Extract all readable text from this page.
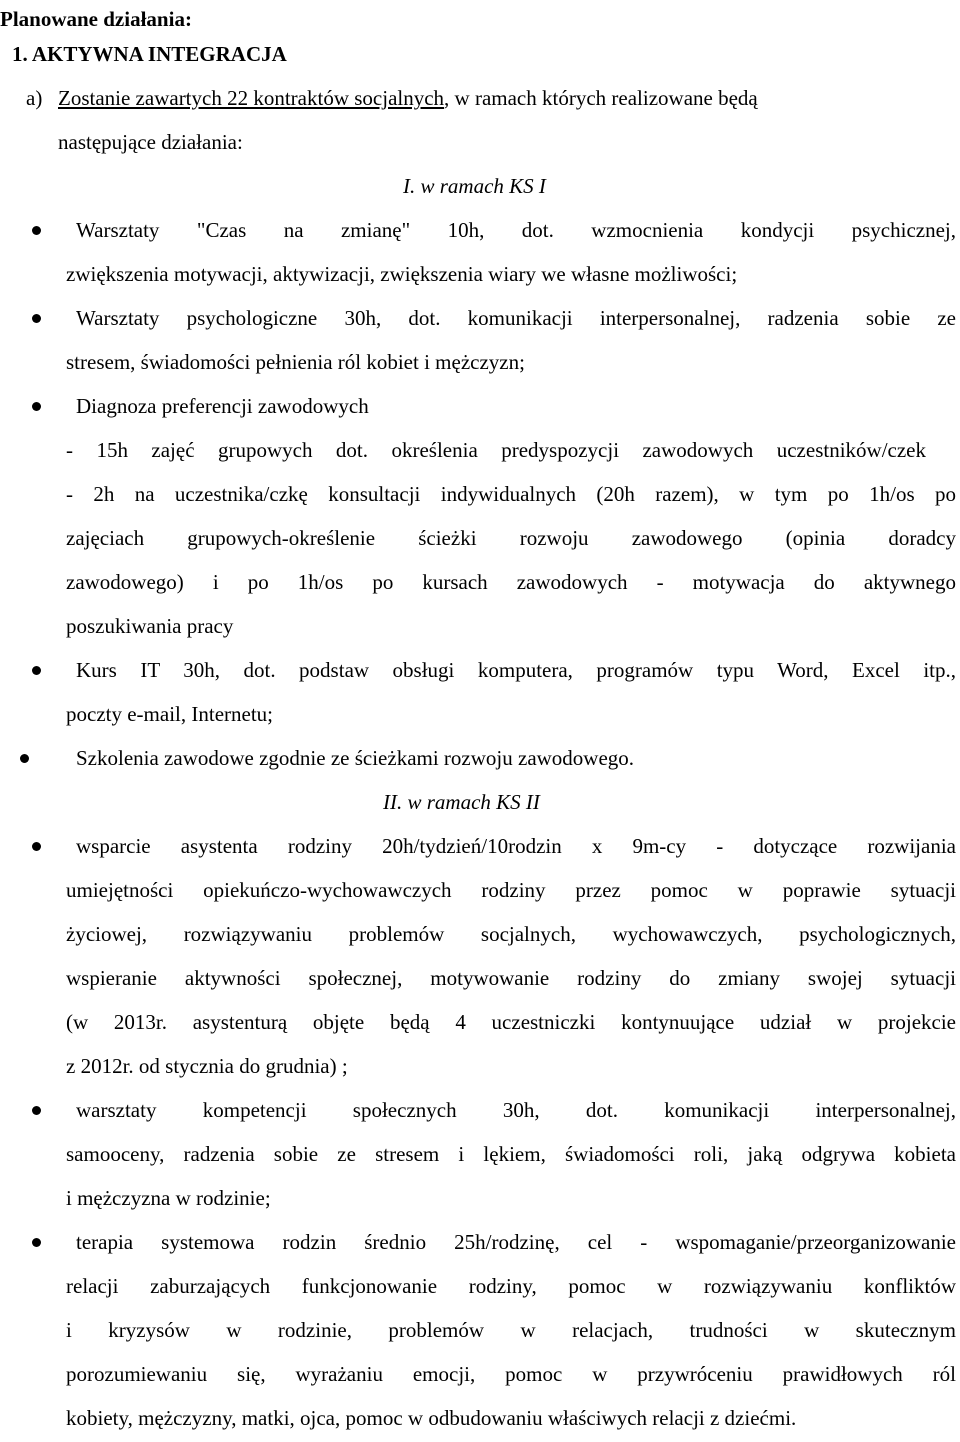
Planowane działania:
1. AKTYWNA INTEGRACJA
a) Zostanie zawartych 22 kontraktów socjalnych, w ramach których realizowane będą
następujące działania:
I. w ramach KS I
Warsztaty "Czas na zmianę" 10h, dot. wzmocnienia kondycji psychicznej,
zwiększenia motywacji, aktywizacji, zwiększenia wiary we własne możliwości;
Warsztaty psychologiczne 30h, dot. komunikacji interpersonalnej, radzenia sobie ze
stresem, świadomości pełnienia ról kobiet i mężczyzn;
Diagnoza preferencji zawodowych
- 15h zajęć grupowych dot. określenia predyspozycji zawodowych uczestników/czek
- 2h na uczestnika/czkę konsultacji indywidualnych (20h razem), w tym po 1h/os po
zajęciach grupowych-określenie ścieżki rozwoju zawodowego (opinia doradcy
zawodowego) i po 1h/os po kursach zawodowych - motywacja do aktywnego
poszukiwania pracy
Kurs IT 30h, dot. podstaw obsługi komputera, programów typu Word, Excel itp.,
poczty e-mail, Internetu;
Szkolenia zawodowe zgodnie ze ścieżkami rozwoju zawodowego.
II. w ramach KS II
wsparcie asystenta rodziny 20h/tydzień/10rodzin x 9m-cy - dotyczące rozwijania
umiejętności opiekuńczo-wychowawczych rodziny przez pomoc w poprawie sytuacji
życiowej, rozwiązywaniu problemów socjalnych, wychowawczych, psychologicznych,
wspieranie aktywności społecznej, motywowanie rodziny do zmiany swojej sytuacji
(w 2013r. asystenturą objęte będą 4 uczestniczki kontynuujące udział w projekcie
z 2012r. od stycznia do grudnia) ;
warsztaty kompetencji społecznych 30h, dot. komunikacji interpersonalnej,
samooceny, radzenia sobie ze stresem i lękiem, świadomości roli, jaką odgrywa kobieta
i mężczyzna w rodzinie;
terapia systemowa rodzin średnio 25h/rodzinę, cel - wspomaganie/przeorganizowanie
relacji zaburzających funkcjonowanie rodziny, pomoc w rozwiązywaniu konfliktów
i kryzysów w rodzinie, problemów w relacjach, trudności w skutecznym
porozumiewaniu się, wyrażaniu emocji, pomoc w przywróceniu prawidłowych ról
kobiety, mężczyzny, matki, ojca, pomoc w odbudowaniu właściwych relacji z dziećmi.
